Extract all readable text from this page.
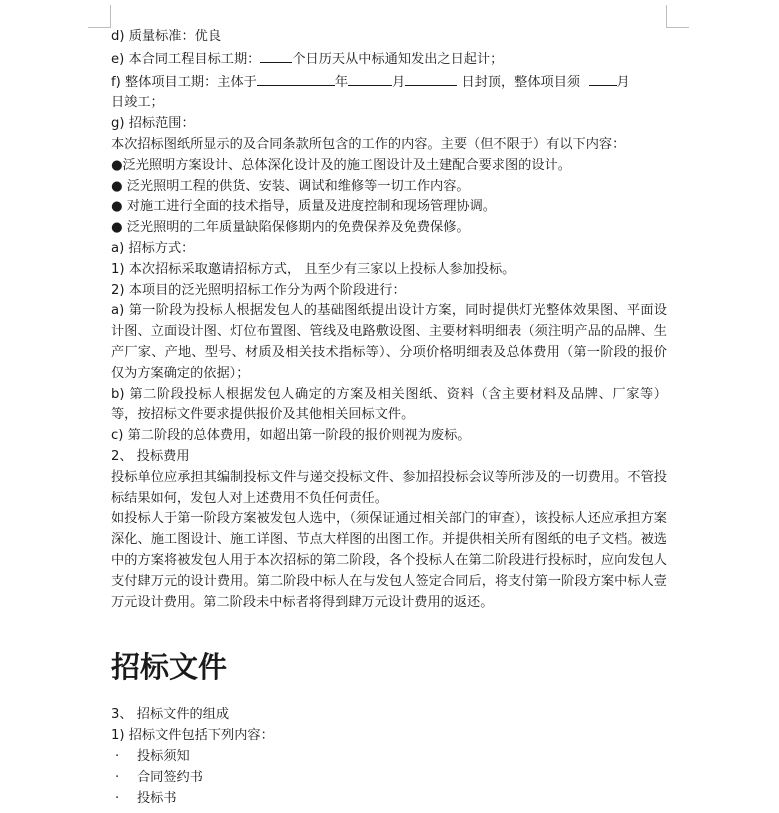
d) 质量标准：优良
e) 本合同工程目标工期： 个日历天从中标通知发出之日起计；
f) 整体项目工期：主体于	年	月	日封顶，整体项目须	月
日竣工；
g) 招标范围：
本次招标图纸所显示的及合同条款所包含的工作的内容。主要（但不限于）有以下内容：
●泛光照明方案设计、总体深化设计及的施工图设计及土建配合要求图的设计。
● 泛光照明工程的供货、安装、调试和维修等一切工作内容。
● 对施工进行全面的技术指导，质量及进度控制和现场管理协调。
● 泛光照明的二年质量缺陷保修期内的免费保养及免费保修。
a) 招标方式：
1) 本次招标采取邀请招标方式， 且至少有三家以上投标人参加投标。
2) 本项目的泛光照明招标工作分为两个阶段进行：
a) 第一阶段为投标人根据发包人的基础图纸提出设计方案，同时提供灯光整体效果图、平面设计图、立面设计图、灯位布置图、管线及电路敷设图、主要材料明细表（须注明产品的品牌、生产厂家、产地、型号、材质及相关技术指标等）、分项价格明细表及总体费用（第一阶段的报价仅为方案确定的依据）；
b) 第二阶段投标人根据发包人确定的方案及相关图纸、资料（含主要材料及品牌、厂家等）等，按招标文件要求提供报价及其他相关回标文件。
c) 第二阶段的总体费用，如超出第一阶段的报价则视为废标。
2、 投标费用
投标单位应承担其编制投标文件与递交投标文件、参加招投标会议等所涉及的一切费用。不管投标结果如何，发包人对上述费用不负任何责任。
如投标人于第一阶段方案被发包人选中，（须保证通过相关部门的审查），该投标人还应承担方案深化、施工图设计、施工详图、节点大样图的出图工作。并提供相关所有图纸的电子文档。被选中的方案将被发包人用于本次招标的第二阶段，各个投标人在第二阶段进行投标时，应向发包人支付肆万元的设计费用。第二阶段中标人在与发包人签定合同后，将支付第一阶段方案中标人壹万元设计费用。第二阶段未中标者将得到肆万元设计费用的返还。
招标文件
3、 招标文件的组成
1) 招标文件包括下列内容：
· 投标须知
· 合同签约书
· 投标书
